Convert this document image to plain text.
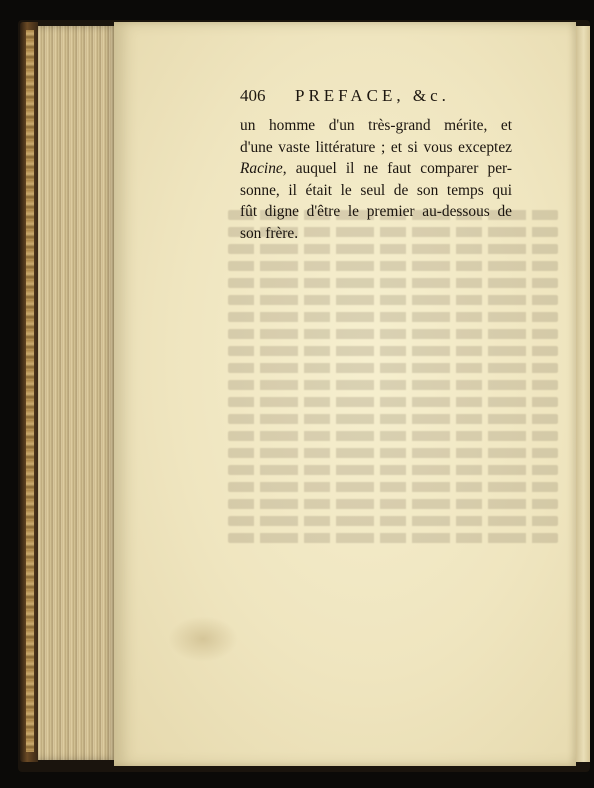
406 PREFACE, &c.
un homme d'un très-grand mérite, et
d'une vaste littérature ; et si vous exceptez
Racine, auquel il ne faut comparer per-
sonne, il était le seul de son temps qui
fût digne d'être le premier au-dessous de
son frère.
